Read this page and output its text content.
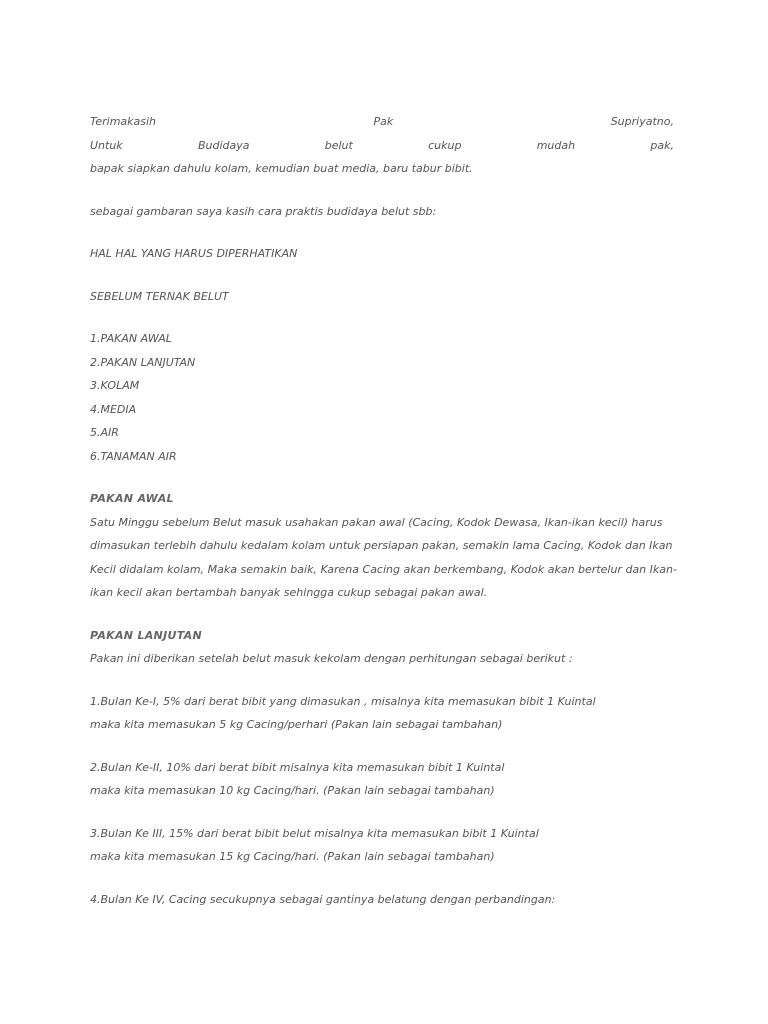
Terimakasih	Pak	Supriyatno,
Untuk	Budidaya	belut	cukup	mudah	pak,
bapak siapkan dahulu kolam, kemudian buat media, baru tabur bibit.
sebagai gambaran saya kasih cara praktis budidaya belut sbb:
HAL HAL YANG HARUS DIPERHATIKAN
SEBELUM TERNAK BELUT
1.PAKAN AWAL
2.PAKAN LANJUTAN
3.KOLAM
4.MEDIA
5.AIR
6.TANAMAN AIR
PAKAN AWAL
Satu Minggu sebelum Belut masuk usahakan pakan awal (Cacing, Kodok Dewasa, Ikan-ikan kecil) harus
dimasukan terlebih dahulu kedalam kolam untuk persiapan pakan, semakin lama Cacing, Kodok dan Ikan
Kecil didalam kolam, Maka semakin baik, Karena Cacing akan berkembang, Kodok akan bertelur dan Ikan-
ikan kecil akan bertambah banyak sehingga cukup sebagai pakan awal.
PAKAN LANJUTAN
Pakan ini diberikan setelah belut masuk kekolam dengan perhitungan sebagai berikut :
1.Bulan Ke-I, 5% dari berat bibit yang dimasukan , misalnya kita memasukan bibit 1 Kuintal
maka kita memasukan 5 kg Cacing/perhari (Pakan lain sebagai tambahan)
2.Bulan Ke-II, 10% dari berat bibit misalnya kita memasukan bibit 1 Kuintal
maka kita memasukan 10 kg Cacing/hari. (Pakan lain sebagai tambahan)
3.Bulan Ke III, 15% dari berat bibit belut misalnya kita memasukan bibit 1 Kuintal
maka kita memasukan 15 kg Cacing/hari. (Pakan lain sebagai tambahan)
4.Bulan Ke IV, Cacing secukupnya sebagai gantinya belatung dengan perbandingan:
